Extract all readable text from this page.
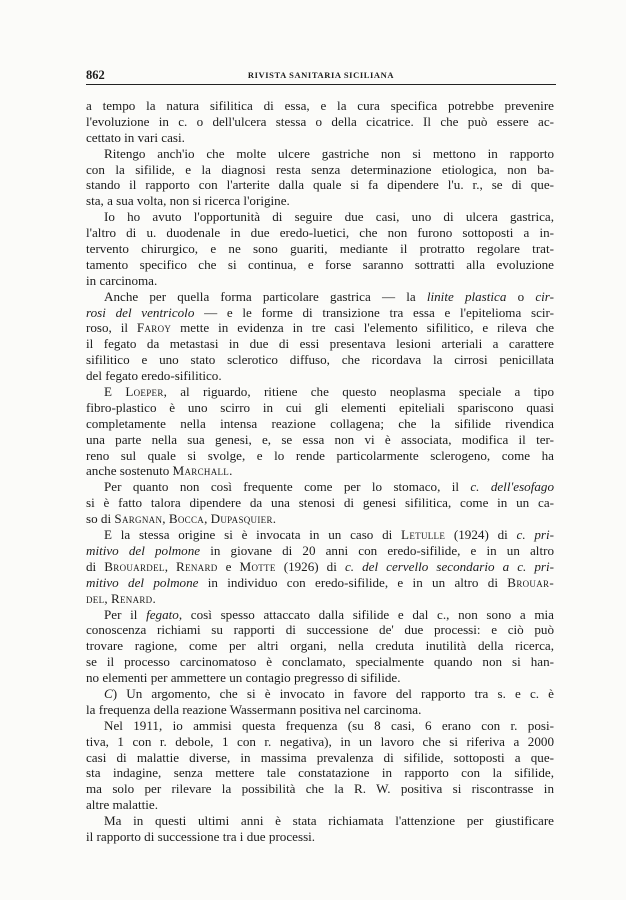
862	RIVISTA SANITARIA SICILIANA
a tempo la natura sifilitica di essa, e la cura specifica potrebbe prevenire
l'evoluzione in c. o dell'ulcera stessa o della cicatrice. Il che può essere ac-
cettato in vari casi.
Ritengo anch'io che molte ulcere gastriche non si mettono in rapporto
con la sifilide, e la diagnosi resta senza determinazione etiologica, non ba-
stando il rapporto con l'arterite dalla quale si fa dipendere l'u. r., se di que-
sta, a sua volta, non si ricerca l'origine.
Io ho avuto l'opportunità di seguire due casi, uno di ulcera gastrica,
l'altro di u. duodenale in due eredo-luetici, che non furono sottoposti a in-
tervento chirurgico, e ne sono guariti, mediante il protratto regolare trat-
tamento specifico che si continua, e forse saranno sottratti alla evoluzione
in carcinoma.
Anche per quella forma particolare gastrica — la linite plastica o cir-
rosi del ventricolo — e le forme di transizione tra essa e l'epitelioma scir-
roso, il Faroy mette in evidenza in tre casi l'elemento sifilitico, e rileva che
il fegato da metastasi in due di essi presentava lesioni arteriali a carattere
sifilitico e uno stato sclerotico diffuso, che ricordava la cirrosi penicillata
del fegato eredo-sifilitico.
E Loeper, al riguardo, ritiene che questo neoplasma speciale a tipo
fibro-plastico è uno scirro in cui gli elementi epiteliali spariscono quasi
completamente nella intensa reazione collagena; che la sifilide rivendica
una parte nella sua genesi, e, se essa non vi è associata, modifica il ter-
reno sul quale si svolge, e lo rende particolarmente sclerogeno, come ha
anche sostenuto Marchall.
Per quanto non così frequente come per lo stomaco, il c. dell'esofago
si è fatto talora dipendere da una stenosi di genesi sifilitica, come in un ca-
so di Sargnan, Bocca, Dupasquier.
E la stessa origine si è invocata in un caso di Letulle (1924) di c. pri-
mitivo del polmone in giovane di 20 anni con eredo-sifilide, e in un altro
di Brouardel, Renard e Motte (1926) di c. del cervello secondario a c. pri-
mitivo del polmone in individuo con eredo-sifilide, e in un altro di Brouar-
del, Renard.
Per il fegato, così spesso attaccato dalla sifilide e dal c., non sono a mia
conoscenza richiami su rapporti di successione de' due processi: e ciò può
trovare ragione, come per altri organi, nella creduta inutilità della ricerca,
se il processo carcinomatoso è conclamato, specialmente quando non si han-
no elementi per ammettere un contagio pregresso di sifilide.
C) Un argomento, che si è invocato in favore del rapporto tra s. e c. è
la frequenza della reazione Wassermann positiva nel carcinoma.
Nel 1911, io ammisi questa frequenza (su 8 casi, 6 erano con r. posi-
tiva, 1 con r. debole, 1 con r. negativa), in un lavoro che si riferiva a 2000
casi di malattie diverse, in massima prevalenza di sifilide, sottoposti a que-
sta indagine, senza mettere tale constatazione in rapporto con la sifilide,
ma solo per rilevare la possibilità che la R. W. positiva si riscontrasse in
altre malattie.
Ma in questi ultimi anni è stata richiamata l'attenzione per giustificare
il rapporto di successione tra i due processi.
